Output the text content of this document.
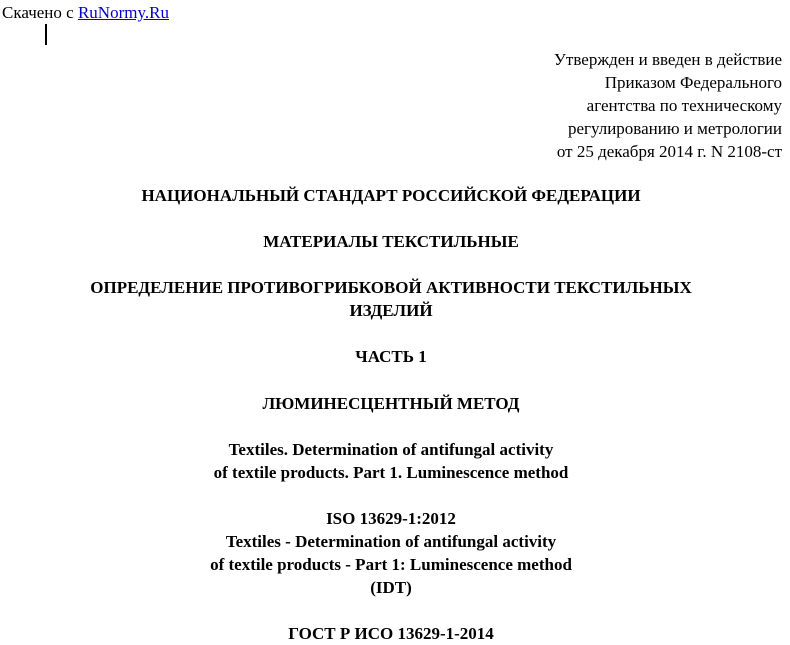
Скачено с RuNormy.Ru
Утвержден и введен в действие
Приказом Федерального
агентства по техническому
регулированию и метрологии
от 25 декабря 2014 г. N 2108-ст
НАЦИОНАЛЬНЫЙ СТАНДАРТ РОССИЙСКОЙ ФЕДЕРАЦИИ
МАТЕРИАЛЫ ТЕКСТИЛЬНЫЕ
ОПРЕДЕЛЕНИЕ ПРОТИВОГРИБКОВОЙ АКТИВНОСТИ ТЕКСТИЛЬНЫХ
ИЗДЕЛИЙ
ЧАСТЬ 1
ЛЮМИНЕСЦЕНТНЫЙ МЕТОД
Textiles. Determination of antifungal activity
of textile products. Part 1. Luminescence method
ISO 13629-1:2012
Textiles - Determination of antifungal activity
of textile products - Part 1: Luminescence method
(IDT)
ГОСТ Р ИСО 13629-1-2014
